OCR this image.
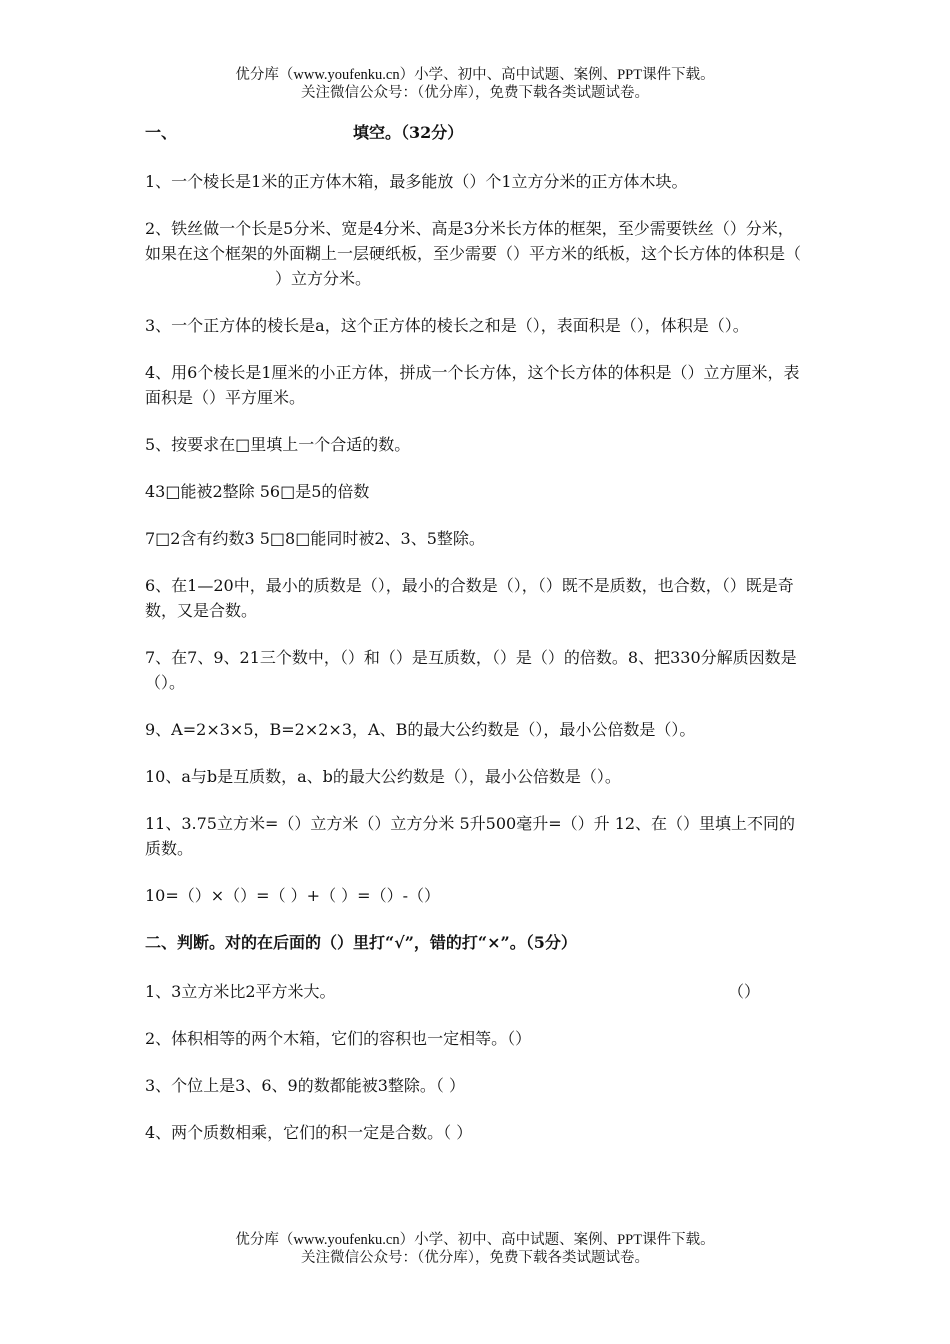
优分库（www.youfenku.cn）小学、初中、高中试题、案例、PPT课件下载。
关注微信公众号：（优分库），免费下载各类试题试卷。
一、	填空。（32分）
1、一个棱长是1米的正方体木箱，最多能放（）个1立方分米的正方体木块。
2、铁丝做一个长是5分米、宽是4分米、高是3分米长方体的框架，至少需要铁丝（）分米，如果在这个框架的外面糊上一层硬纸板，至少需要（）平方米的纸板，这个长方体的体积是（）立方分米。
3、一个正方体的棱长是a，这个正方体的棱长之和是（），表面积是（），体积是（）。
4、用6个棱长是1厘米的小正方体，拼成一个长方体，这个长方体的体积是（）立方厘米，表面积是（）平方厘米。
5、按要求在□里填上一个合适的数。
43□能被2整除 56□是5的倍数
7□2含有约数3 5□8□能同时被2、3、5整除。
6、在1—20中，最小的质数是（），最小的合数是（），（）既不是质数，也合数，（）既是奇数，又是合数。
7、在7、9、21三个数中，（）和（）是互质数，（）是（）的倍数。8、把330分解质因数是（）。
9、A=2×3×5，B=2×2×3，A、B的最大公约数是（），最小公倍数是（）。
10、a与b是互质数，a、b的最大公约数是（），最小公倍数是（）。
11、3.75立方米=（）立方米（）立方分米 5升500毫升=（）升 12、在（）里填上不同的质数。
10=（）×（）=（ ）+（ ）=（）-（）
二、判断。对的在后面的（）里打“√”，错的打“×”。（5分）
1、3立方米比2平方米大。	（）
2、体积相等的两个木箱，它们的容积也一定相等。（）
3、个位上是3、6、9的数都能被3整除。（ ）
4、两个质数相乘，它们的积一定是合数。（ ）
优分库（www.youfenku.cn）小学、初中、高中试题、案例、PPT课件下载。
关注微信公众号：（优分库），免费下载各类试题试卷。
